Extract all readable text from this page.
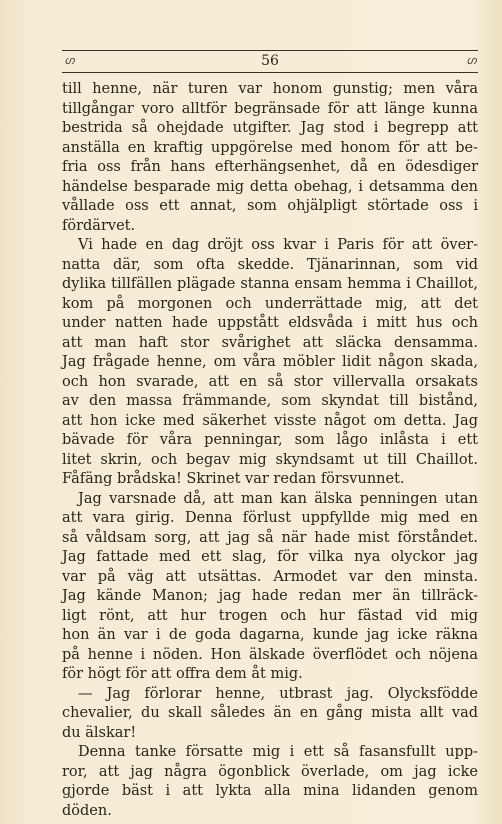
ഗ	56	ഗ

till henne, när turen var honom gunstig; men våra
tillgångar voro alltför begränsade för att länge kunna
bestrida så ohejdade utgifter. Jag stod i begrepp att
anställa en kraftig uppgörelse med honom för att be-
fria oss från hans efterhängsenhet, då en ödesdiger
händelse besparade mig detta obehag, i detsamma den
vållade oss ett annat, som ohjälpligt störtade oss i
fördärvet.

Vi hade en dag dröjt oss kvar i Paris för att över-
natta där, som ofta skedde. Tjänarinnan, som vid
dylika tillfällen plägade stanna ensam hemma i Chaillot,
kom på morgonen och underrättade mig, att det
under natten hade uppstått eldsvåda i mitt hus och
att man haft stor svårighet att släcka densamma.
Jag frågade henne, om våra möbler lidit någon skada,
och hon svarade, att en så stor villervalla orsakats
av den massa främmande, som skyndat till bistånd,
att hon icke med säkerhet visste något om detta. Jag
bävade för våra penningar, som lågo inlåsta i ett
litet skrin, och begav mig skyndsamt ut till Chaillot.
Fåfäng brådska! Skrinet var redan försvunnet.

Jag varsnade då, att man kan älska penningen utan
att vara girig. Denna förlust uppfyllde mig med en
så våldsam sorg, att jag så när hade mist förståndet.
Jag fattade med ett slag, för vilka nya olyckor jag
var på väg att utsättas. Armodet var den minsta.
Jag kände Manon; jag hade redan mer än tillräck-
ligt rönt, att hur trogen och hur fästad vid mig
hon än var i de goda dagarna, kunde jag icke räkna
på henne i nöden. Hon älskade överflödet och nöjena
för högt för att offra dem åt mig.

— Jag förlorar henne, utbrast jag. Olycksfödde
chevalier, du skall således än en gång mista allt vad
du älskar!

Denna tanke försatte mig i ett så fasansfullt upp-
ror, att jag några ögonblick överlade, om jag icke
gjorde bäst i att lykta alla mina lidanden genom
döden.
